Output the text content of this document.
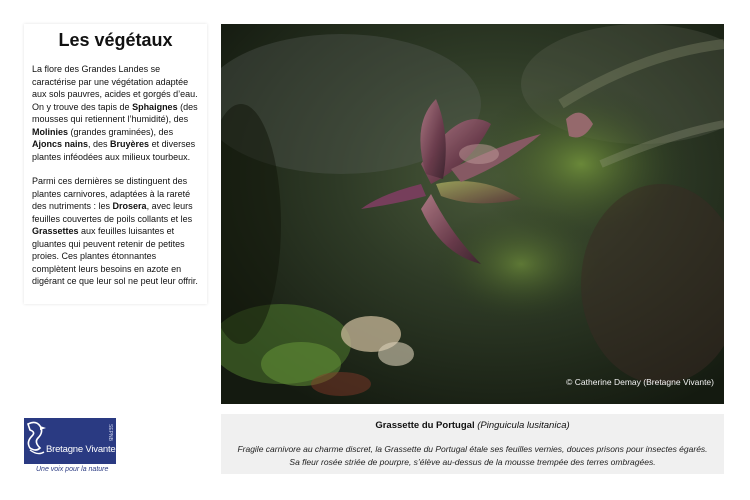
Les végétaux

La flore des Grandes Landes se caractérise par une végétation adaptée aux sols pauvres, acides et gorgés d’eau. On y trouve des tapis de Sphaignes (des mousses qui retiennent l’humidité), des Molinies (grandes graminées), des Ajoncs nains, des Bruyères et diverses plantes inféodées aux milieux tourbeux.

Parmi ces dernières se distinguent des plantes carnivores, adaptées à la rareté des nutriments : les Drosera, avec leurs feuilles couvertes de poils collants et les Grassettes aux feuilles luisantes et gluantes qui peuvent retenir de petites proies. Ces plantes étonnantes complètent leurs besoins en azote en digérant ce que leur sol ne peut leur offrir.

© Catherine Demay (Bretagne Vivante)

Grassette du Portugal (Pinguicula lusitanica)

Fragile carnivore au charme discret, la Grassette du Portugal étale ses feuilles vernies, douces prisons pour insectes égarés.
Sa fleur rosée striée de pourpre, s’élève au-dessus de la mousse trempée des terres ombragées.

Bretagne Vivante
SEPNB
Une voix pour la nature
